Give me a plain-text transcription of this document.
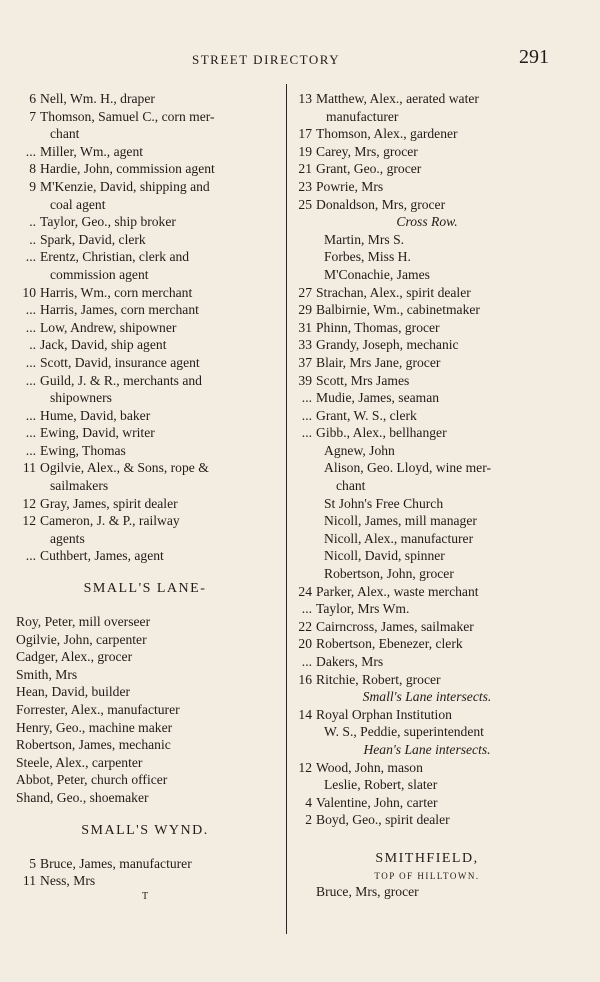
STREET DIRECTORY	291
6 Nell, Wm. H., draper
7 Thomson, Samuel C., corn mer-
chant
... Miller, Wm., agent
8 Hardie, John, commission agent
9 M'Kenzie, David, shipping and
coal agent
.. Taylor, Geo., ship broker
.. Spark, David, clerk
... Erentz, Christian, clerk and
commission agent
10 Harris, Wm., corn merchant
... Harris, James, corn merchant
... Low, Andrew, shipowner
.. Jack, David, ship agent
... Scott, David, insurance agent
... Guild, J. & R., merchants and
shipowners
... Hume, David, baker
... Ewing, David, writer
... Ewing, Thomas
11 Ogilvie, Alex., & Sons, rope &
sailmakers
12 Gray, James, spirit dealer
12 Cameron, J. & P., railway
agents
... Cuthbert, James, agent
SMALL'S LANE-
Roy, Peter, mill overseer
Ogilvie, John, carpenter
Cadger, Alex., grocer
Smith, Mrs
Hean, David, builder
Forrester, Alex., manufacturer
Henry, Geo., machine maker
Robertson, James, mechanic
Steele, Alex., carpenter
Abbot, Peter, church officer
Shand, Geo., shoemaker
SMALL'S WYND.
5 Bruce, James, manufacturer
11 Ness, Mrs
T
13 Matthew, Alex., aerated water
manufacturer
17 Thomson, Alex., gardener
19 Carey, Mrs, grocer
21 Grant, Geo., grocer
23 Powrie, Mrs
25 Donaldson, Mrs, grocer
Cross Row.
Martin, Mrs S.
Forbes, Miss H.
M'Conachie, James
27 Strachan, Alex., spirit dealer
29 Balbirnie, Wm., cabinetmaker
31 Phinn, Thomas, grocer
33 Grandy, Joseph, mechanic
37 Blair, Mrs Jane, grocer
39 Scott, Mrs James
... Mudie, James, seaman
... Grant, W. S., clerk
... Gibb., Alex., bellhanger
Agnew, John
Alison, Geo. Lloyd, wine mer-
chant
St John's Free Church
Nicoll, James, mill manager
Nicoll, Alex., manufacturer
Nicoll, David, spinner
Robertson, John, grocer
24 Parker, Alex., waste merchant
... Taylor, Mrs Wm.
22 Cairncross, James, sailmaker
20 Robertson, Ebenezer, clerk
... Dakers, Mrs
16 Ritchie, Robert, grocer
Small's Lane intersects.
14 Royal Orphan Institution
W. S., Peddie, superintendent
Hean's Lane intersects.
12 Wood, John, mason
Leslie, Robert, slater
4 Valentine, John, carter
2 Boyd, Geo., spirit dealer
SMITHFIELD,
TOP OF HILLTOWN.
Bruce, Mrs, grocer
